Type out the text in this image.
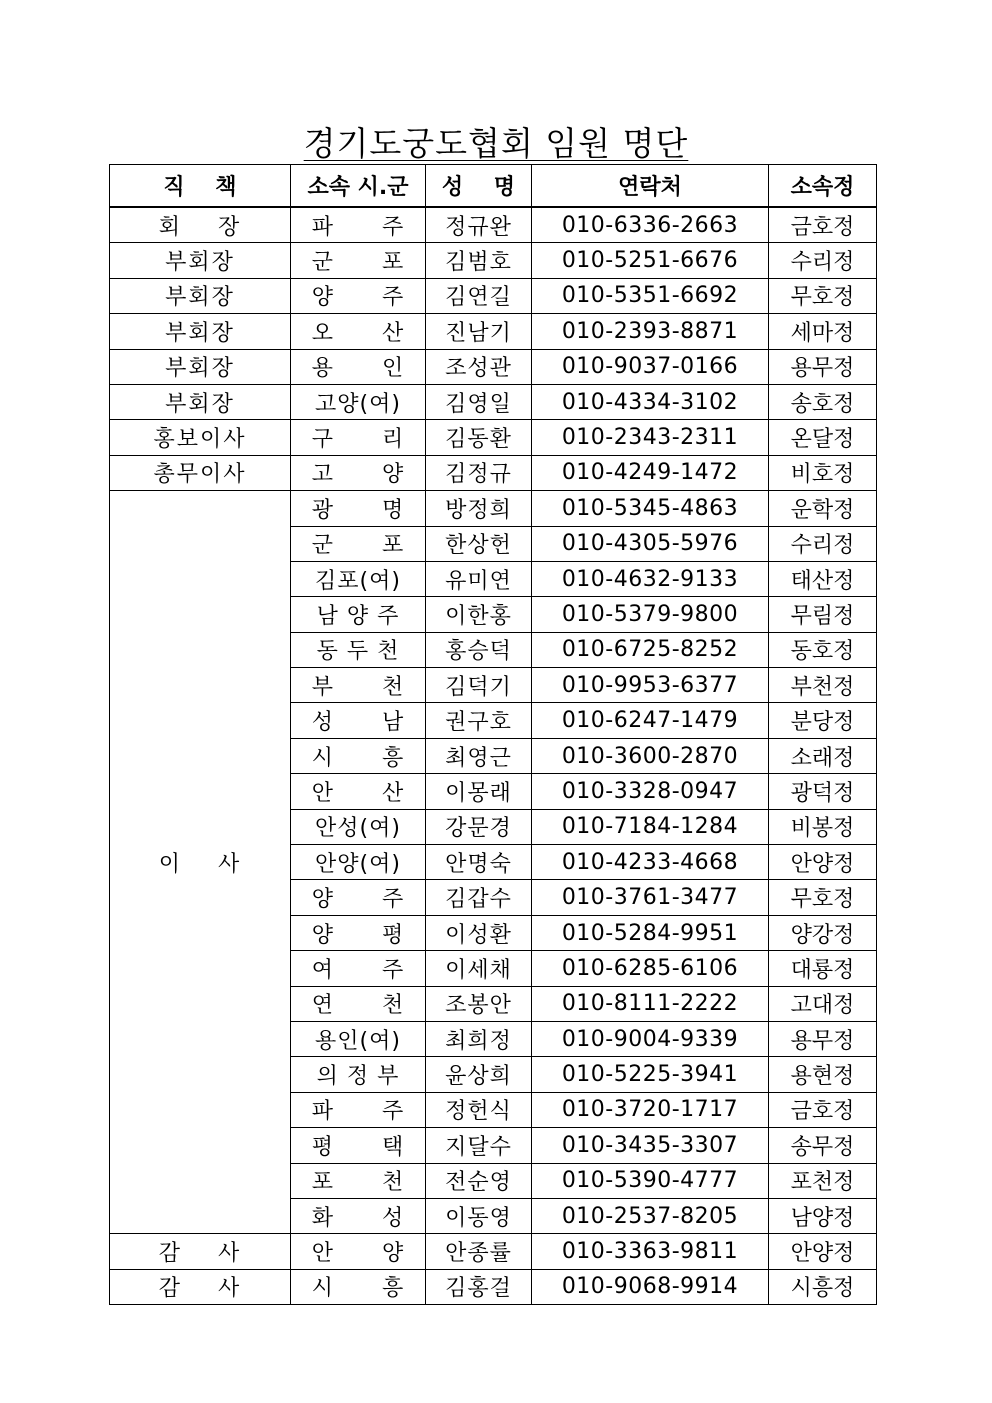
경기도궁도협회 임원 명단
직    책	소속 시.군	성    명	연락처	소속정
회    장	파      주	정규완	010-6336-2663	금호정
부회장	군      포	김범호	010-5251-6676	수리정
부회장	양      주	김연길	010-5351-6692	무호정
부회장	오      산	진남기	010-2393-8871	세마정
부회장	용      인	조성관	010-9037-0166	용무정
부회장	고양(여)	김영일	010-4334-3102	송호정
홍보이사	구      리	김동환	010-2343-2311	온달정
총무이사	고      양	김정규	010-4249-1472	비호정
이    사	광      명	방정희	010-5345-4863	운학정
	군      포	한상헌	010-4305-5976	수리정
	김포(여)	유미연	010-4632-9133	태산정
	남 양 주	이한홍	010-5379-9800	무림정
	동 두 천	홍승덕	010-6725-8252	동호정
	부      천	김덕기	010-9953-6377	부천정
	성      남	권구호	010-6247-1479	분당정
	시      흥	최영근	010-3600-2870	소래정
	안      산	이몽래	010-3328-0947	광덕정
	안성(여)	강문경	010-7184-1284	비봉정
	안양(여)	안명숙	010-4233-4668	안양정
	양      주	김갑수	010-3761-3477	무호정
	양      평	이성환	010-5284-9951	양강정
	여      주	이세채	010-6285-6106	대룡정
	연      천	조봉안	010-8111-2222	고대정
	용인(여)	최희정	010-9004-9339	용무정
	의 정 부	윤상희	010-5225-3941	용현정
	파      주	정헌식	010-3720-1717	금호정
	평      택	지달수	010-3435-3307	송무정
	포      천	전순영	010-5390-4777	포천정
	화      성	이동영	010-2537-8205	남양정
감    사	안      양	안종률	010-3363-9811	안양정
감    사	시      흥	김홍걸	010-9068-9914	시흥정
